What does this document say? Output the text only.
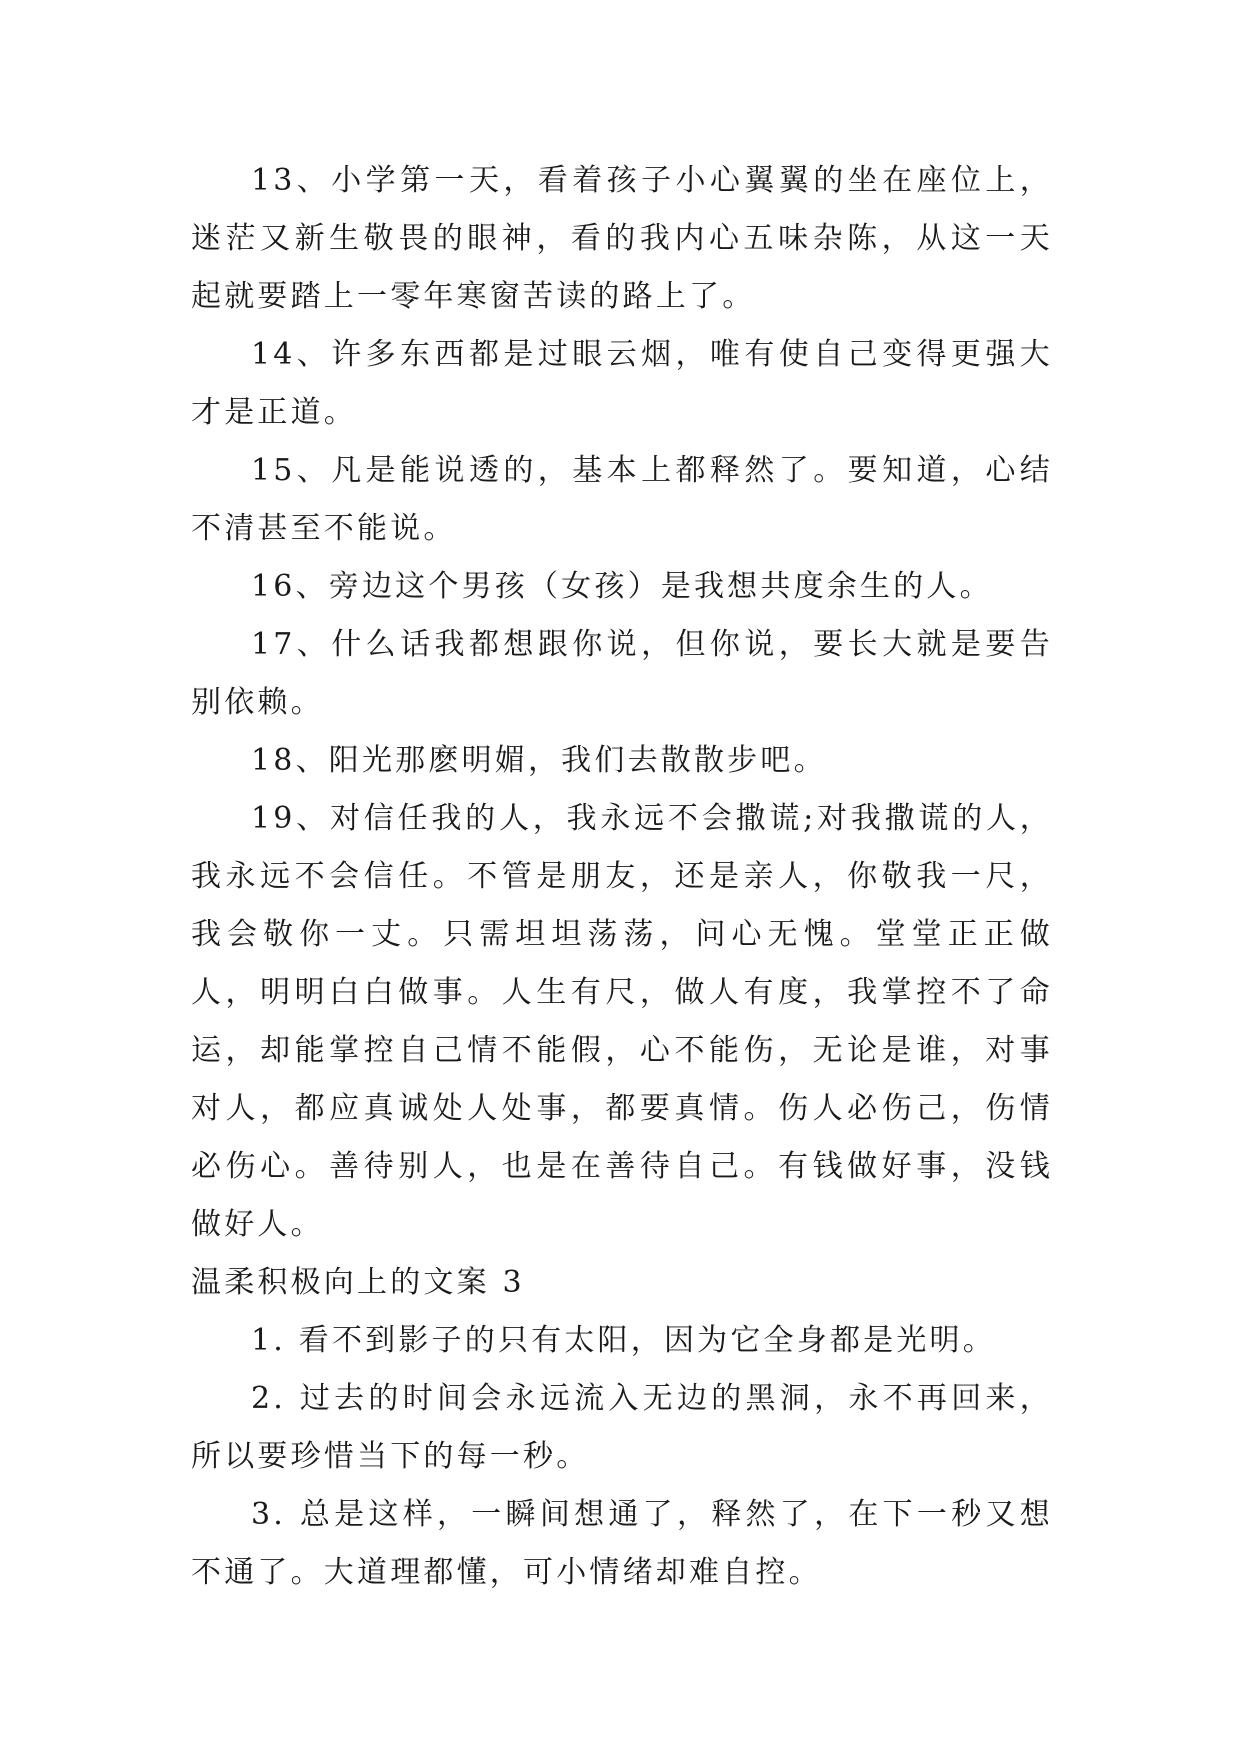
13、小学第一天，看着孩子小心翼翼的坐在座位上，迷茫又新生敬畏的眼神，看的我内心五味杂陈，从这一天起就要踏上一零年寒窗苦读的路上了。

14、许多东西都是过眼云烟，唯有使自己变得更强大才是正道。

15、凡是能说透的，基本上都释然了。要知道，心结不清甚至不能说。

16、旁边这个男孩（女孩）是我想共度余生的人。

17、什么话我都想跟你说，但你说，要长大就是要告别依赖。

18、阳光那麽明媚，我们去散散步吧。

19、对信任我的人，我永远不会撒谎;对我撒谎的人，我永远不会信任。不管是朋友，还是亲人，你敬我一尺，我会敬你一丈。只需坦坦荡荡，问心无愧。堂堂正正做人，明明白白做事。人生有尺，做人有度，我掌控不了命运，却能掌控自己情不能假，心不能伤，无论是谁，对事对人，都应真诚处人处事，都要真情。伤人必伤己，伤情必伤心。善待别人，也是在善待自己。有钱做好事，没钱做好人。

温柔积极向上的文案 3

1. 看不到影子的只有太阳，因为它全身都是光明。

2. 过去的时间会永远流入无边的黑洞，永不再回来，所以要珍惜当下的每一秒。

3. 总是这样，一瞬间想通了，释然了，在下一秒又想不通了。大道理都懂，可小情绪却难自控。
